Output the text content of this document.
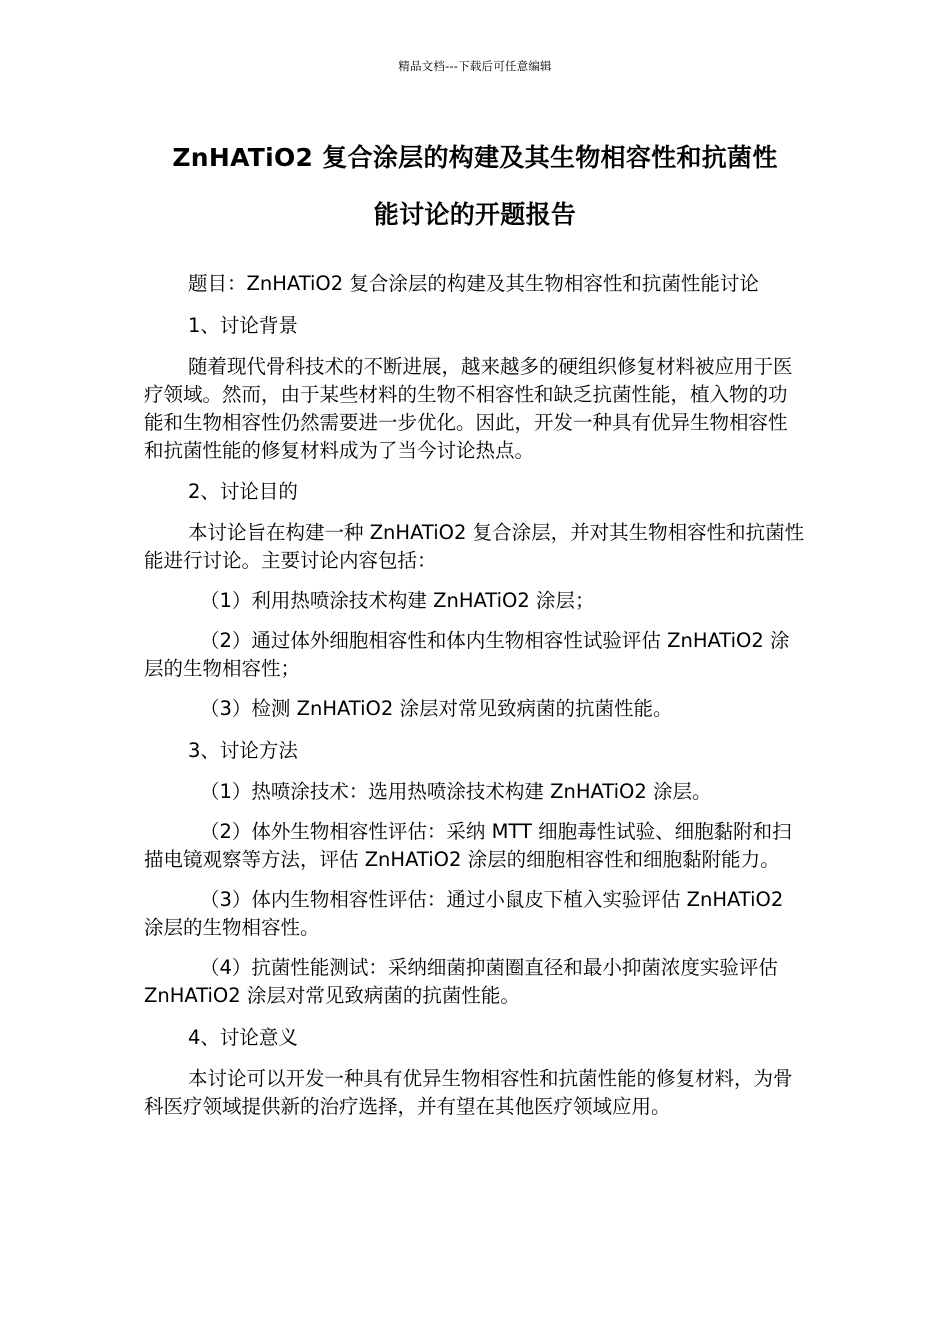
精品文档---下载后可任意编辑
ZnHATiO2 复合涂层的构建及其生物相容性和抗菌性
能讨论的开题报告

题目：ZnHATiO2 复合涂层的构建及其生物相容性和抗菌性能讨论

1、讨论背景

随着现代骨科技术的不断进展，越来越多的硬组织修复材料被应用于医疗领域。然而，由于某些材料的生物不相容性和缺乏抗菌性能，植入物的功能和生物相容性仍然需要进一步优化。因此，开发一种具有优异生物相容性和抗菌性能的修复材料成为了当今讨论热点。

2、讨论目的

本讨论旨在构建一种 ZnHATiO2 复合涂层，并对其生物相容性和抗菌性能进行讨论。主要讨论内容包括：

（1）利用热喷涂技术构建 ZnHATiO2 涂层；

（2）通过体外细胞相容性和体内生物相容性试验评估 ZnHATiO2 涂层的生物相容性；

（3）检测 ZnHATiO2 涂层对常见致病菌的抗菌性能。

3、讨论方法

（1）热喷涂技术：选用热喷涂技术构建 ZnHATiO2 涂层。

（2）体外生物相容性评估：采纳 MTT 细胞毒性试验、细胞黏附和扫描电镜观察等方法，评估 ZnHATiO2 涂层的细胞相容性和细胞黏附能力。

（3）体内生物相容性评估：通过小鼠皮下植入实验评估 ZnHATiO2 涂层的生物相容性。

（4）抗菌性能测试：采纳细菌抑菌圈直径和最小抑菌浓度实验评估 ZnHATiO2 涂层对常见致病菌的抗菌性能。

4、讨论意义

本讨论可以开发一种具有优异生物相容性和抗菌性能的修复材料，为骨科医疗领域提供新的治疗选择，并有望在其他医疗领域应用。
